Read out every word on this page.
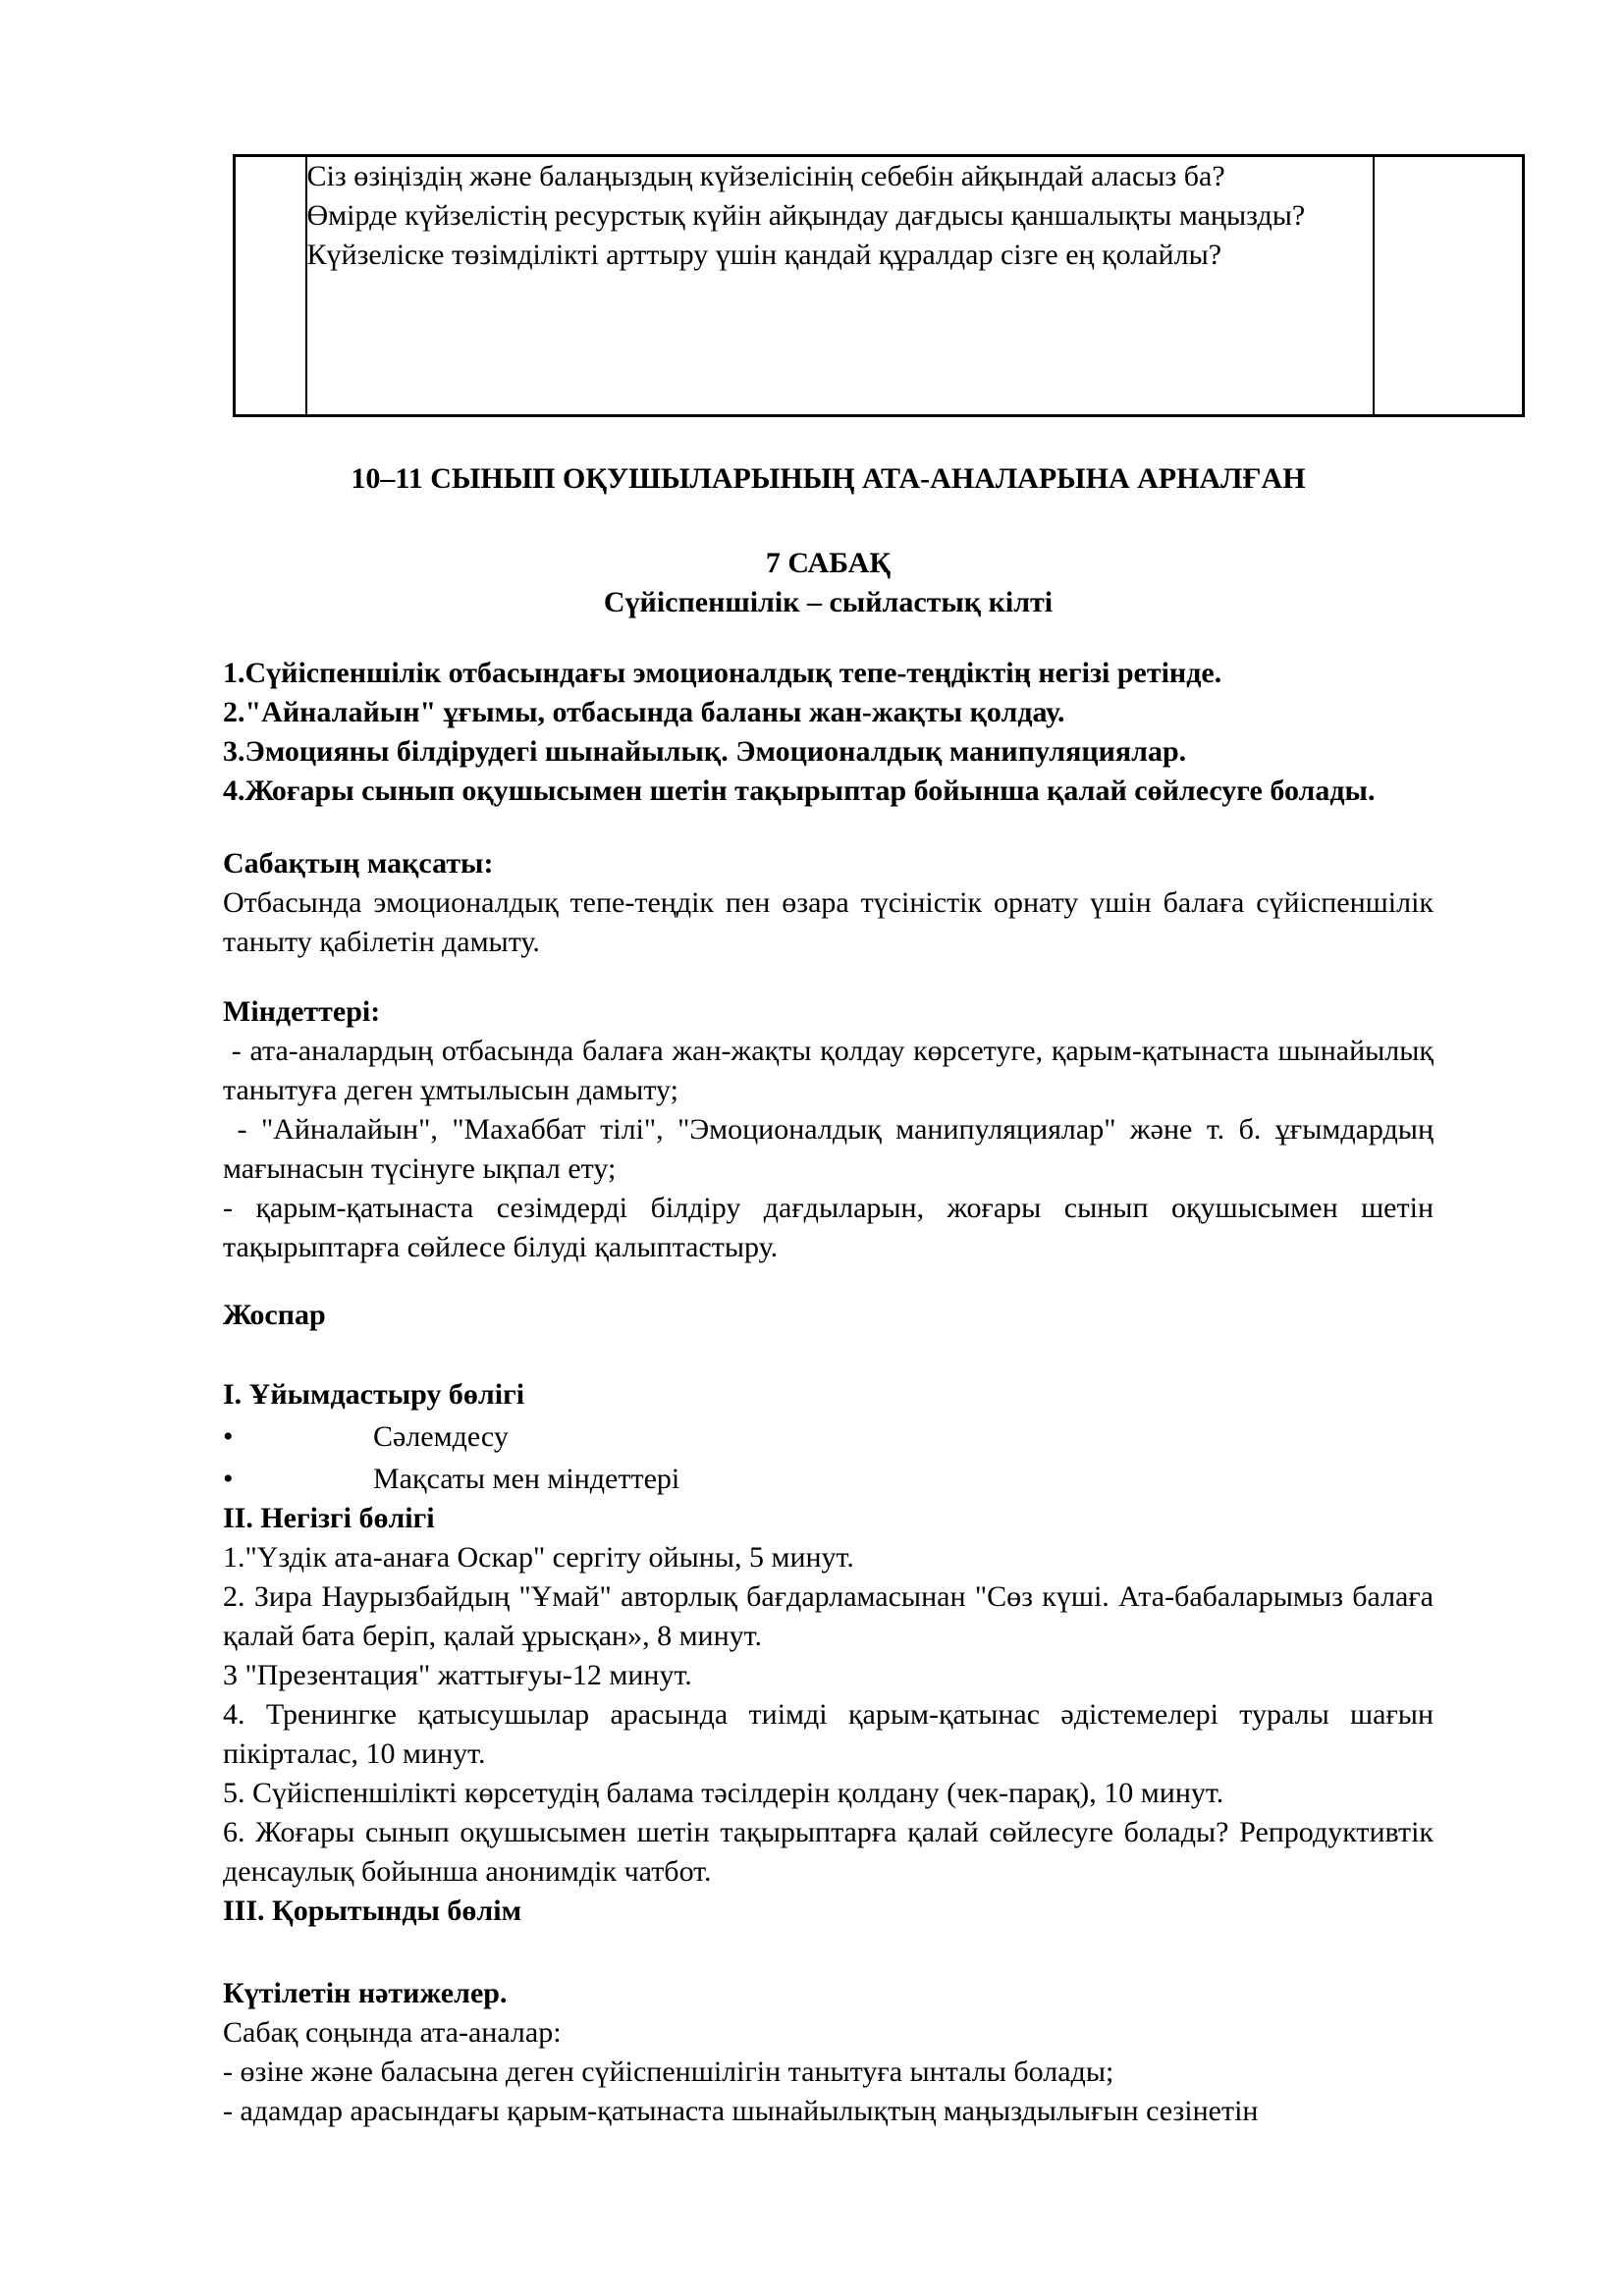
Сіз өзіңіздің және балаңыздың күйзелісінің себебін айқындай аласыз ба?

Өмірде күйзелістің ресурстық күйін айқындау дағдысы қаншалықты маңызды?

Күйзеліске төзімділікті арттыру үшін қандай құралдар сізге ең қолайлы?

10–11 СЫНЫП ОҚУШЫЛАРЫНЫҢ АТА-АНАЛАРЫНА АРНАЛҒАН

7 САБАҚ

Сүйіспеншілік – сыйластық кілті

1.Сүйіспеншілік отбасындағы эмоционалдық тепе-теңдіктің негізі ретінде.

2."Айналайын" ұғымы, отбасында баланы жан-жақты қолдау.

3.Эмоцияны білдірудегі шынайылық. Эмоционалдық манипуляциялар.

4.Жоғары сынып оқушысымен шетін тақырыптар бойынша қалай сөйлесуге болады.

Сабақтың мақсаты:

Отбасында эмоционалдық тепе-теңдік пен өзара түсіністік орнату үшін балаға сүйіспеншілік таныту қабілетін дамыту.

Міндеттері:

- ата-аналардың отбасында балаға жан-жақты қолдау көрсетуге, қарым-қатынаста шынайылық танытуға деген ұмтылысын дамыту;

- "Айналайын", "Махаббат тілі", "Эмоционалдық манипуляциялар" және т. б. ұғымдардың мағынасын түсінуге ықпал ету;

- қарым-қатынаста сезімдерді білдіру дағдыларын, жоғары сынып оқушысымен шетін тақырыптарға сөйлесе білуді қалыптастыру.

Жоспар

I. Ұйымдастыру бөлігі

•	Сәлемдесу
•	Мақсаты мен міндеттері

II. Негізгі бөлігі

1."Үздік ата-анаға Оскар" сергіту ойыны, 5 минут.

2. Зира Наурызбайдың "Ұмай" авторлық бағдарламасынан "Сөз күші. Ата-бабаларымыз балаға қалай бата беріп, қалай ұрысқан», 8 минут.

3 "Презентация" жаттығуы-12 минут.

4. Тренингке қатысушылар арасында тиімді қарым-қатынас әдістемелері туралы шағын пікірталас, 10 минут.

5. Сүйіспеншілікті көрсетудің балама тәсілдерін қолдану (чек-парақ), 10 минут.

6. Жоғары сынып оқушысымен шетін тақырыптарға қалай сөйлесуге болады? Репродуктивтік денсаулық бойынша анонимдік чатбот.

III. Қорытынды бөлім

Күтілетін нәтижелер.

Сабақ соңында ата-аналар:

- өзіне және баласына деген сүйіспеншілігін танытуға ынталы болады;

- адамдар арасындағы қарым-қатынаста шынайылықтың маңыздылығын сезінетін
